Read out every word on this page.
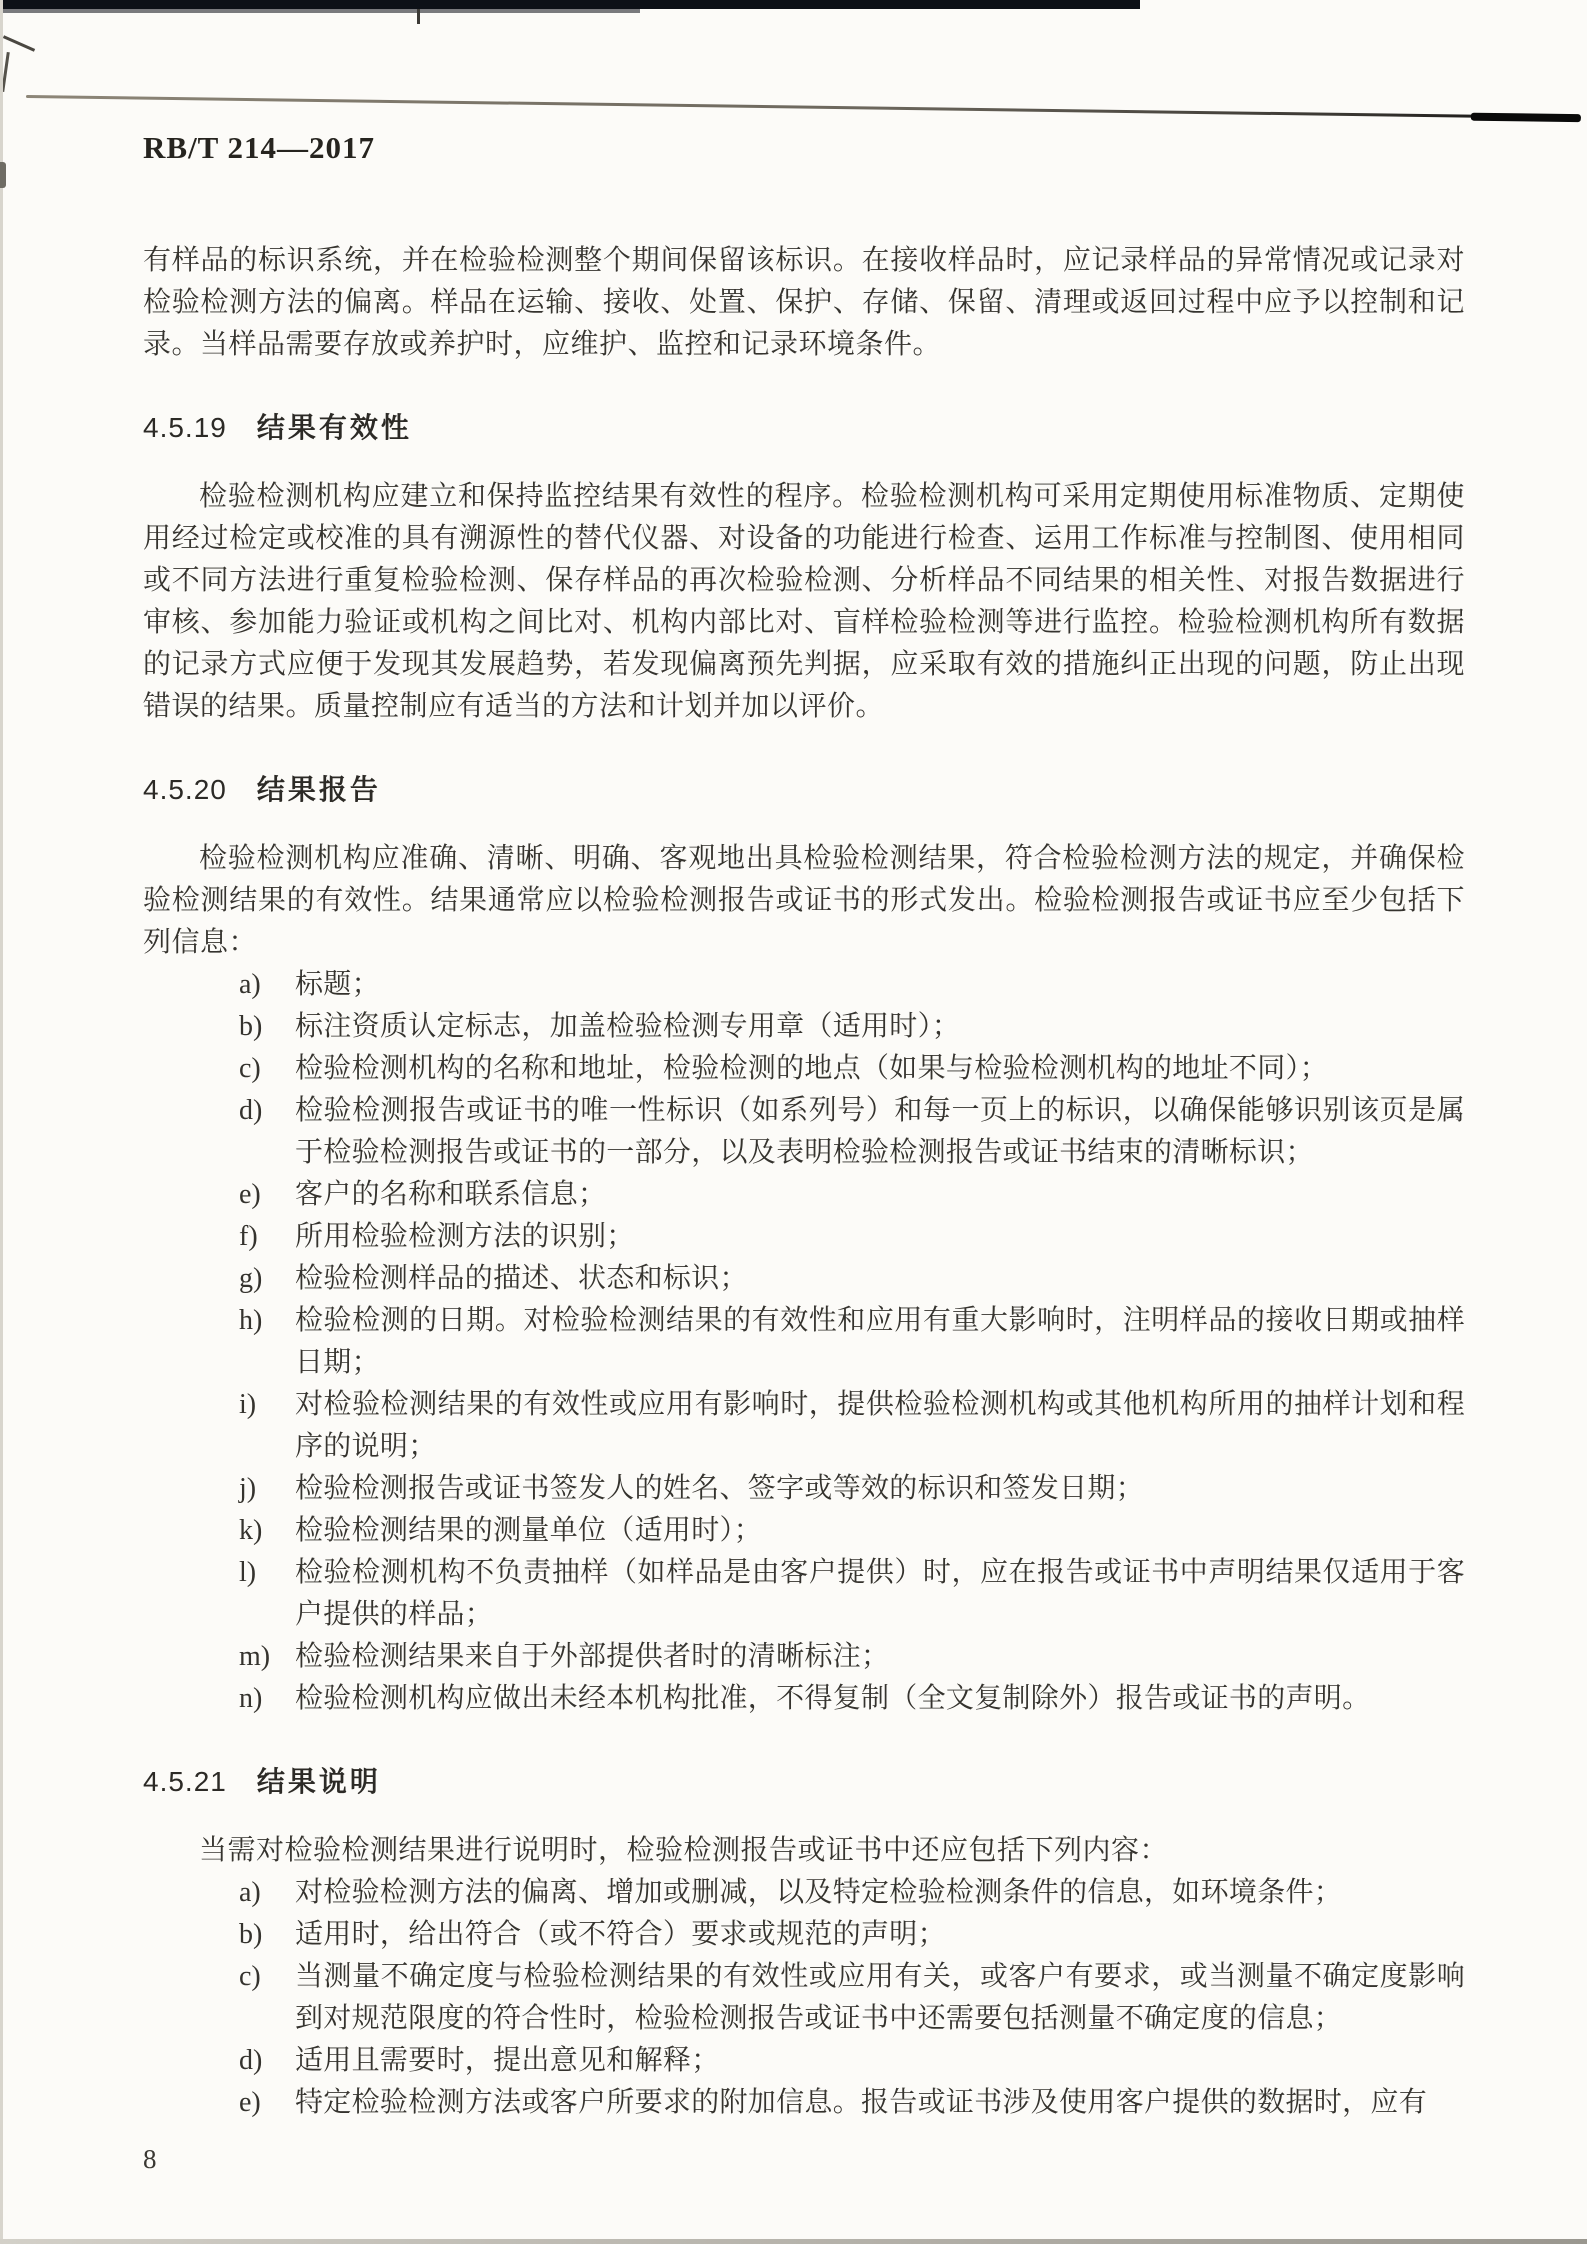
RB/T 214—2017

有样品的标识系统，并在检验检测整个期间保留该标识。在接收样品时，应记录样品的异常情况或记录对检验检测方法的偏离。样品在运输、接收、处置、保护、存储、保留、清理或返回过程中应予以控制和记录。当样品需要存放或养护时，应维护、监控和记录环境条件。

4.5.19 结果有效性

检验检测机构应建立和保持监控结果有效性的程序。检验检测机构可采用定期使用标准物质、定期使用经过检定或校准的具有溯源性的替代仪器、对设备的功能进行检查、运用工作标准与控制图、使用相同或不同方法进行重复检验检测、保存样品的再次检验检测、分析样品不同结果的相关性、对报告数据进行审核、参加能力验证或机构之间比对、机构内部比对、盲样检验检测等进行监控。检验检测机构所有数据的记录方式应便于发现其发展趋势，若发现偏离预先判据，应采取有效的措施纠正出现的问题，防止出现错误的结果。质量控制应有适当的方法和计划并加以评价。

4.5.20 结果报告

检验检测机构应准确、清晰、明确、客观地出具检验检测结果，符合检验检测方法的规定，并确保检验检测结果的有效性。结果通常应以检验检测报告或证书的形式发出。检验检测报告或证书应至少包括下列信息：

a) 标题；
b) 标注资质认定标志，加盖检验检测专用章（适用时）；
c) 检验检测机构的名称和地址，检验检测的地点（如果与检验检测机构的地址不同）；
d) 检验检测报告或证书的唯一性标识（如系列号）和每一页上的标识，以确保能够识别该页是属于检验检测报告或证书的一部分，以及表明检验检测报告或证书结束的清晰标识；
e) 客户的名称和联系信息；
f) 所用检验检测方法的识别；
g) 检验检测样品的描述、状态和标识；
h) 检验检测的日期。对检验检测结果的有效性和应用有重大影响时，注明样品的接收日期或抽样日期；
i) 对检验检测结果的有效性或应用有影响时，提供检验检测机构或其他机构所用的抽样计划和程序的说明；
j) 检验检测报告或证书签发人的姓名、签字或等效的标识和签发日期；
k) 检验检测结果的测量单位（适用时）；
l) 检验检测机构不负责抽样（如样品是由客户提供）时，应在报告或证书中声明结果仅适用于客户提供的样品；
m) 检验检测结果来自于外部提供者时的清晰标注；
n) 检验检测机构应做出未经本机构批准，不得复制（全文复制除外）报告或证书的声明。
4.5.21 结果说明

当需对检验检测结果进行说明时，检验检测报告或证书中还应包括下列内容：

a) 对检验检测方法的偏离、增加或删减，以及特定检验检测条件的信息，如环境条件；
b) 适用时，给出符合（或不符合）要求或规范的声明；
c) 当测量不确定度与检验检测结果的有效性或应用有关，或客户有要求，或当测量不确定度影响到对规范限度的符合性时，检验检测报告或证书中还需要包括测量不确定度的信息；
d) 适用且需要时，提出意见和解释；
e) 特定检验检测方法或客户所要求的附加信息。报告或证书涉及使用客户提供的数据时，应有
8
